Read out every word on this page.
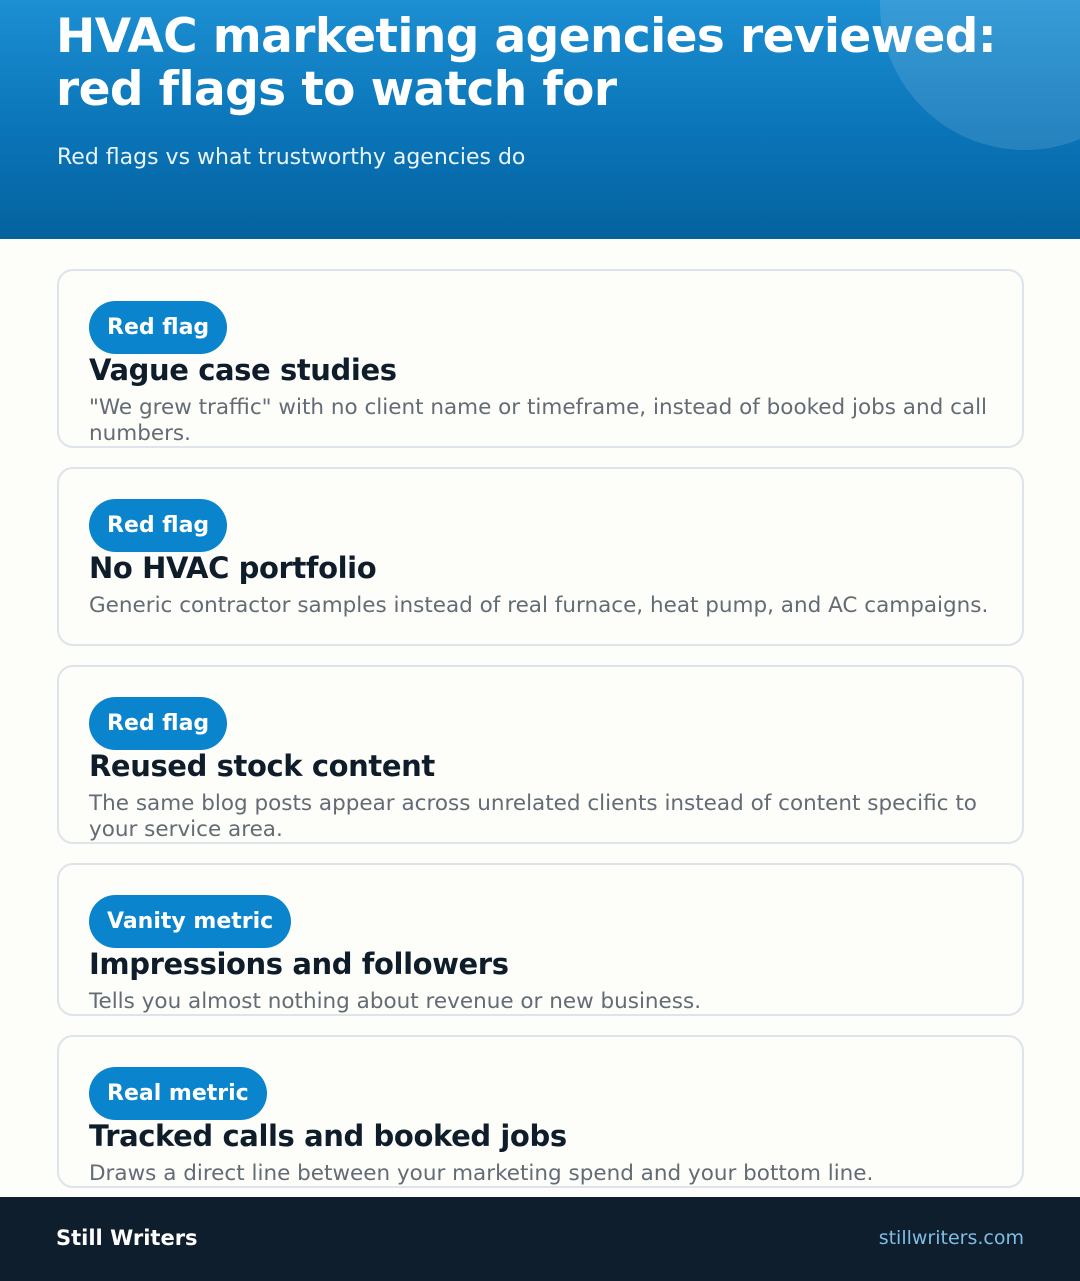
HVAC marketing agencies reviewed: red flags to watch for

Red flags vs what trustworthy agencies do

Red flag
Vague case studies

"We grew traffic" with no client name or timeframe, instead of booked jobs and call numbers.

Red flag
No HVAC portfolio

Generic contractor samples instead of real furnace, heat pump, and AC campaigns.

Red flag
Reused stock content

The same blog posts appear across unrelated clients instead of content specific to your service area.

Vanity metric
Impressions and followers

Tells you almost nothing about revenue or new business.

Real metric
Tracked calls and booked jobs

Draws a direct line between your marketing spend and your bottom line.

Still Writers	stillwriters.com
